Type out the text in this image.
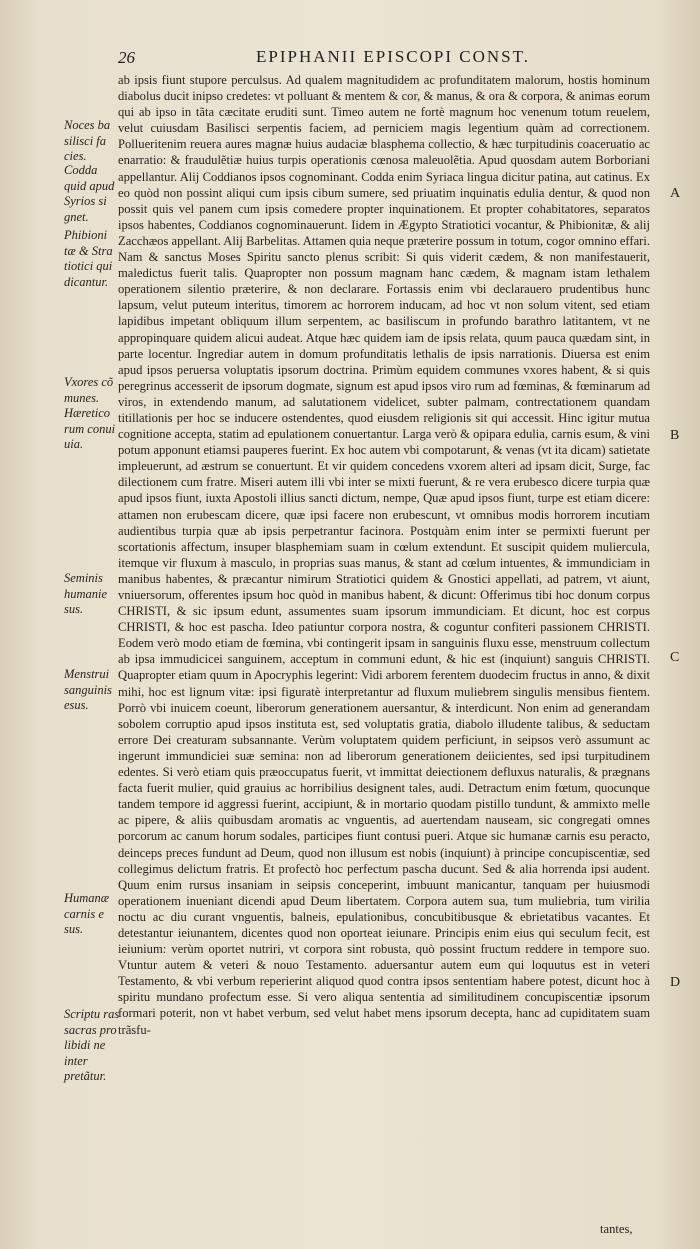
26	EPIPHANII EPISCOPI CONST.
Noces ba silisci fa cies.
Codda quid apud Syrios si gnet.
Phibioni tæ & Stra tiotici qui dicantur.
Vxores cõ munes. Hæretico rum conui uia.
Seminis humanie sus.
Menstrui sanguinis esus.
Humanæ carnis e sus.
Scriptu ras sacras pro libidi ne inter pretãtur.
A
B
C
D

ab ipsis fiunt stupore perculsus. Ad qualem magnitudidem ac profunditatem malorum, hostis hominum diabolus ducit inipso credetes: vt polluant & mentem & cor, & manus, & ora & corpora, & animas eorum qui ab ipso in tãta cæcitate eruditi sunt. Timeo autem ne fortè magnum hoc venenum totum reuelem, velut cuiusdam Basilisci serpentis faciem, ad perniciem magis legentium quàm ad correctionem. Pollueritenim reuera aures magnæ huius audaciæ blasphema collectio, & hæc turpitudinis coaceruatio ac enarratio: & fraudulẽtiæ huius turpis operationis cœnosa maleuolẽtia. Apud quosdam autem Borboriani appellantur. Alij Coddianos ipsos cognominant. Codda enim Syriaca lingua dicitur patina, aut catinus. Ex eo quòd non possint aliqui cum ipsis cibum sumere, sed priuatim inquinatis edulia dentur, & quod non possit quis vel panem cum ipsis comedere propter inquinationem. Et propter cohabitatores, separatos ipsos habentes, Coddianos cognominauerunt. Iidem in Ægypto Stratiotici vocantur, & Phibionitæ, & alij Zacchæos appellant. Alij Barbelitas. Attamen quia neque præterire possum in totum, cogor omnino effari. Nam & sanctus Moses Spiritu sancto plenus scribit: Si quis viderit cædem, & non manifestauerit, maledictus fuerit talis. Quapropter non possum magnam hanc cædem, & magnam istam lethalem operationem silentio præterire, & non declarare. Fortassis enim vbi declarauero prudentibus hunc lapsum, velut puteum interitus, timorem ac horrorem inducam, ad hoc vt non solum vitent, sed etiam lapidibus impetant obliquum illum serpentem, ac basiliscum in profundo barathro latitantem, vt ne appropinquare quidem alicui audeat. Atque hæc quidem iam de ipsis relata, quum pauca quædam sint, in parte locentur. Ingrediar autem in domum profunditatis lethalis de ipsis narrationis. Diuersa est enim apud ipsos peruersa voluptatis ipsorum doctrina. Primùm equidem communes vxores habent, & si quis peregrinus accesserit de ipsorum dogmate, signum est apud ipsos viro rum ad fœminas, & fœminarum ad viros, in extendendo manum, ad salutationem videlicet, subter palmam, contrectationem quandam titillationis per hoc se inducere ostendentes, quod eiusdem religionis sit qui accessit. Hinc igitur mutua cognitione accepta, statim ad epulationem conuertantur. Larga verò & opipara edulia, carnis esum, & vini potum apponunt etiamsi pauperes fuerint. Ex hoc autem vbi compotarunt, & venas (vt ita dicam) satietate impleuerunt, ad æstrum se conuertunt. Et vir quidem concedens vxorem alteri ad ipsam dicit, Surge, fac dilectionem cum fratre. Miseri autem illi vbi inter se mixti fuerunt, & re vera erubesco dicere turpia quæ apud ipsos fiunt, iuxta Apostoli illius sancti dictum, nempe, Quæ apud ipsos fiunt, turpe est etiam dicere: attamen non erubescam dicere, quæ ipsi facere non erubescunt, vt omnibus modis horrorem incutiam audientibus turpia quæ ab ipsis perpetrantur facinora. Postquàm enim inter se permixti fuerunt per scortationis affectum, insuper blasphemiam suam in cœlum extendunt. Et suscipit quidem muliercula, itemque vir fluxum à masculo, in proprias suas manus, & stant ad cœlum intuentes, & immundiciam in manibus habentes, & præcantur nimirum Stratiotici quidem & Gnostici appellati, ad patrem, vt aiunt, vniuersorum, offerentes ipsum hoc quòd in manibus habent, & dicunt: Offerimus tibi hoc donum corpus CHRISTI, & sic ipsum edunt, assumentes suam ipsorum immundiciam. Et dicunt, hoc est corpus CHRISTI, & hoc est pascha. Ideo patiuntur corpora nostra, & coguntur confiteri passionem CHRISTI. Eodem verò modo etiam de fœmina, vbi contingerit ipsam in sanguinis fluxu esse, menstruum collectum ab ipsa immudicicei sanguinem, acceptum in communi edunt, & hic est (inquiunt) sanguis CHRISTI. Quapropter etiam quum in Apocryphis legerint: Vidi arborem ferentem duodecim fructus in anno, & dixit mihi, hoc est lignum vitæ: ipsi figuratè interpretantur ad fluxum muliebrem singulis mensibus fientem. Porrò vbi inuicem coeunt, liberorum generationem auersantur, & interdicunt. Non enim ad generandam sobolem corruptio apud ipsos instituta est, sed voluptatis gratia, diabolo illudente talibus, & seductam errore Dei creaturam subsannante. Verùm voluptatem quidem perficiunt, in seipsos verò assumunt ac ingerunt immundiciei suæ semina: non ad liberorum generationem deiicientes, sed ipsi turpitudinem edentes. Si verò etiam quis præoccupatus fuerit, vt immittat deiectionem defluxus naturalis, & prægnans facta fuerit mulier, quid grauius ac horribilius designent tales, audi. Detractum enim fœtum, quocunque tandem tempore id aggressi fuerint, accipiunt, & in mortario quodam pistillo tundunt, & ammixto melle ac pipere, & aliis quibusdam aromatis ac vnguentis, ad auertendam nauseam, sic congregati omnes porcorum ac canum horum sodales, participes fiunt contusi pueri. Atque sic humanæ carnis esu peracto, deinceps preces fundunt ad Deum, quod non illusum est nobis (inquiunt) à principe concupiscentiæ, sed collegimus delictum fratris. Et profectò hoc perfectum pascha ducunt. Sed & alia horrenda ipsi audent. Quum enim rursus insaniam in seipsis conceperint, imbuunt manicantur, tanquam per huiusmodi operationem inueniant dicendi apud Deum libertatem. Corpora autem sua, tum muliebria, tum virilia noctu ac diu curant vnguentis, balneis, epulationibus, concubitibusque & ebrietatibus vacantes. Et detestantur ieiunantem, dicentes quod non oporteat ieiunare. Principis enim eius qui seculum fecit, est ieiunium: verùm oportet nutriri, vt corpora sint robusta, quò possint fructum reddere in tempore suo. Vtuntur autem & veteri & nouo Testamento. aduersantur autem eum qui loquutus est in veteri Testamento, & vbi verbum reperierint aliquod quod contra ipsos sententiam habere potest, dicunt hoc à spiritu mundano profectum esse. Si vero aliqua sententia ad similitudinem concupiscentiæ ipsorum formari poterit, non vt habet verbum, sed velut habet mens ipsorum decepta, hanc ad cupiditatem suam trãsfu-

tantes,
